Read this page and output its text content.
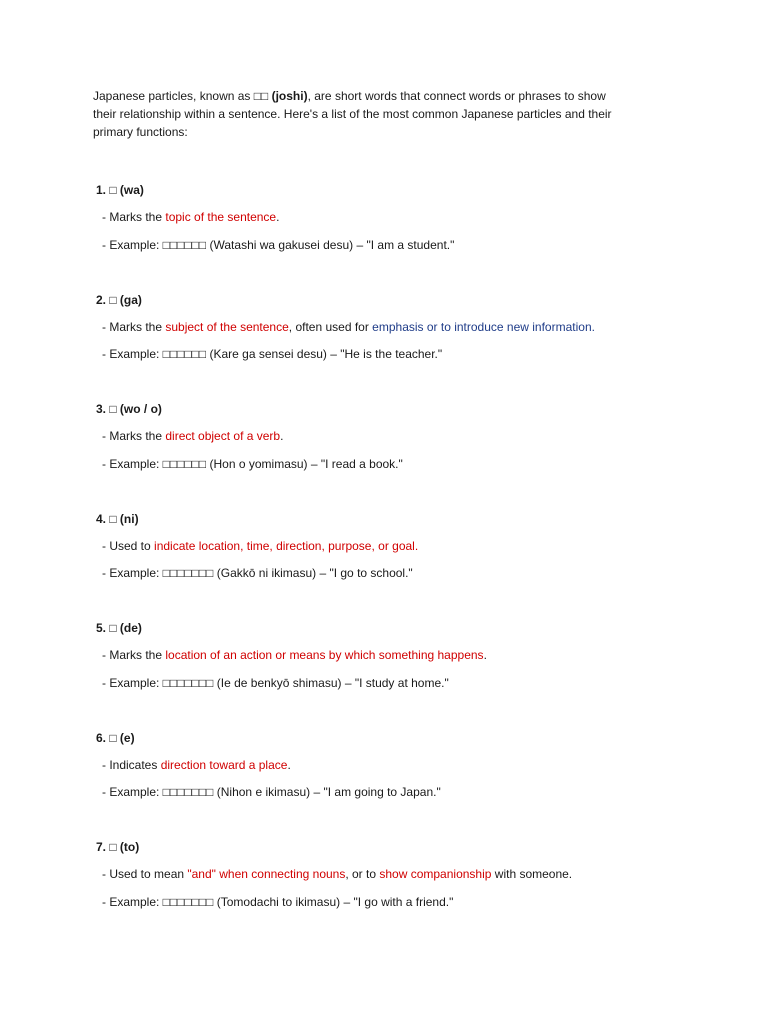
Japanese particles, known as □□ (joshi), are short words that connect words or phrases to show
their relationship within a sentence. Here's a list of the most common Japanese particles and their
primary functions:
1. □ (wa)
- Marks the topic of the sentence.
- Example: □□□□□□ (Watashi wa gakusei desu) – "I am a student."
2. □ (ga)
- Marks the subject of the sentence, often used for emphasis or to introduce new information.
- Example: □□□□□□ (Kare ga sensei desu) – "He is the teacher."
3. □ (wo / o)
- Marks the direct object of a verb.
- Example: □□□□□□ (Hon o yomimasu) – "I read a book."
4. □ (ni)
- Used to indicate location, time, direction, purpose, or goal.
- Example: □□□□□□□ (Gakkō ni ikimasu) – "I go to school."
5. □ (de)
- Marks the location of an action or means by which something happens.
- Example: □□□□□□□ (Ie de benkyō shimasu) – "I study at home."
6. □ (e)
- Indicates direction toward a place.
- Example: □□□□□□□ (Nihon e ikimasu) – "I am going to Japan."
7. □ (to)
- Used to mean "and" when connecting nouns, or to show companionship with someone.
- Example: □□□□□□□ (Tomodachi to ikimasu) – "I go with a friend."
